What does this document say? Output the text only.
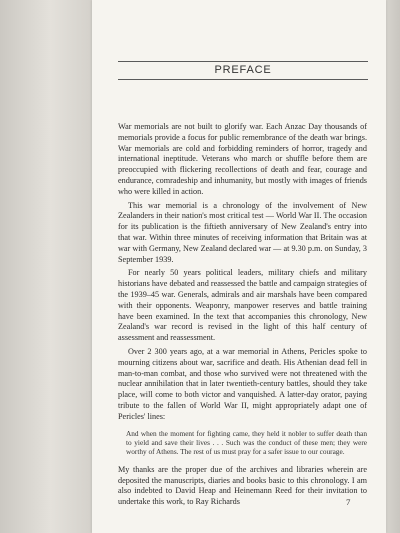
PREFACE

War memorials are not built to glorify war. Each Anzac Day thousands of memorials provide a focus for public remembrance of the death war brings. War memorials are cold and forbidding reminders of horror, tragedy and international ineptitude. Veterans who march or shuffle before them are preoccupied with flickering recollections of death and fear, courage and endurance, comradeship and inhumanity, but mostly with images of friends who were killed in action.

This war memorial is a chronology of the involvement of New Zealanders in their nation's most critical test — World War II. The occasion for its publication is the fiftieth anniversary of New Zealand's entry into that war. Within three minutes of receiving information that Britain was at war with Germany, New Zealand declared war — at 9.30 p.m. on Sunday, 3 September 1939.

For nearly 50 years political leaders, military chiefs and military historians have debated and reassessed the battle and campaign strategies of the 1939–45 war. Generals, admirals and air marshals have been compared with their opponents. Weaponry, manpower reserves and battle training have been examined. In the text that accompanies this chronology, New Zealand's war record is revised in the light of this half century of assessment and reassessment.

Over 2 300 years ago, at a war memorial in Athens, Pericles spoke to mourning citizens about war, sacrifice and death. His Athenian dead fell in man-to-man combat, and those who survived were not threatened with the nuclear annihilation that in later twentieth-century battles, should they take place, will come to both victor and vanquished. A latter-day orator, paying tribute to the fallen of World War II, might appropriately adapt one of Pericles' lines:

And when the moment for fighting came, they held it nobler to suffer death than to yield and save their lives . . . Such was the conduct of these men; they were worthy of Athens. The rest of us must pray for a safer issue to our courage.

My thanks are the proper due of the archives and libraries wherein are deposited the manuscripts, diaries and books basic to this chronology. I am also indebted to David Heap and Heinemann Reed for their invitation to undertake this work, to Ray Richards	7
